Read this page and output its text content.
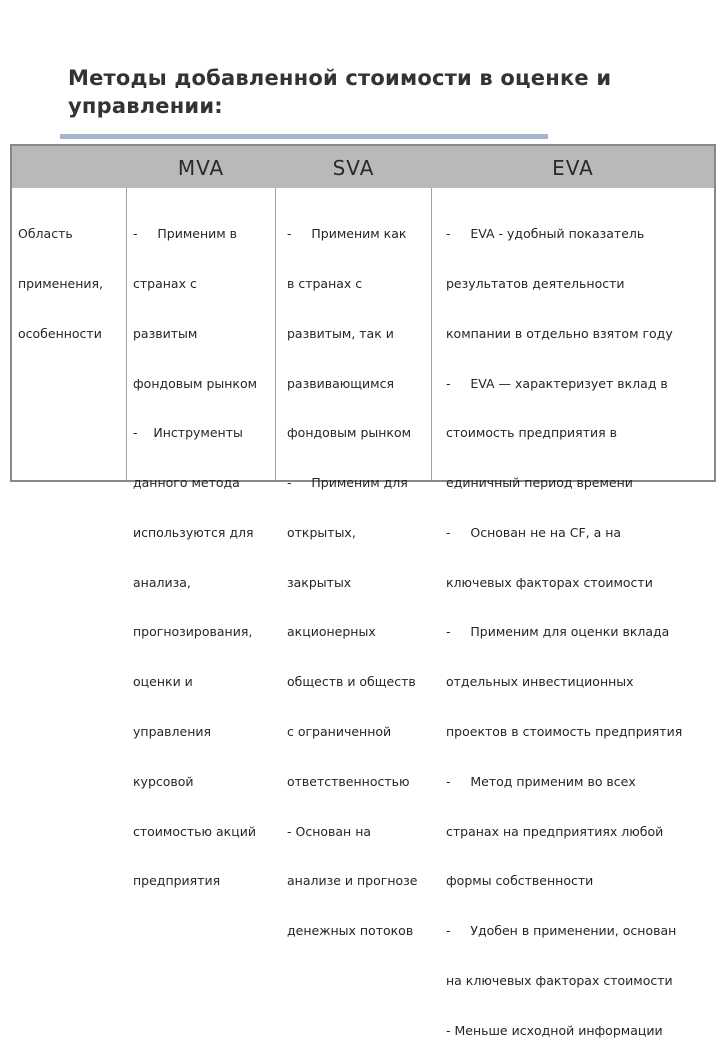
Методы добавленной стоимости в оценке и
управлении:
MVA	SVA	EVA

Область

применения,

особенности

-     Применим в

странах с

развитым

фондовым рынком

-    Инструменты

данного метода

используются для

анализа,

прогнозирования,

оценки и

управления

курсовой

стоимостью акций

предприятия

-     Применим как

в странах с

развитым, так и

развивающимся

фондовым рынком

-     Применим для

открытых,

закрытых

акционерных

обществ и обществ

с ограниченной

ответственностью

- Основан на

анализе и прогнозе

денежных потоков

-     EVA - удобный показатель

результатов деятельности

компании в отдельно взятом году

-     EVA — характеризует вклад в

стоимость предприятия в

единичный период времени

-     Основан не на CF, а на

ключевых факторах стоимости

-     Применим для оценки вклада

отдельных инвестиционных

проектов в стоимость предприятия

-     Метод применим во всех

странах на предприятиях любой

формы собственности

-     Удобен в применении, основан

на ключевых факторах стоимости

- Меньше исходной информации
